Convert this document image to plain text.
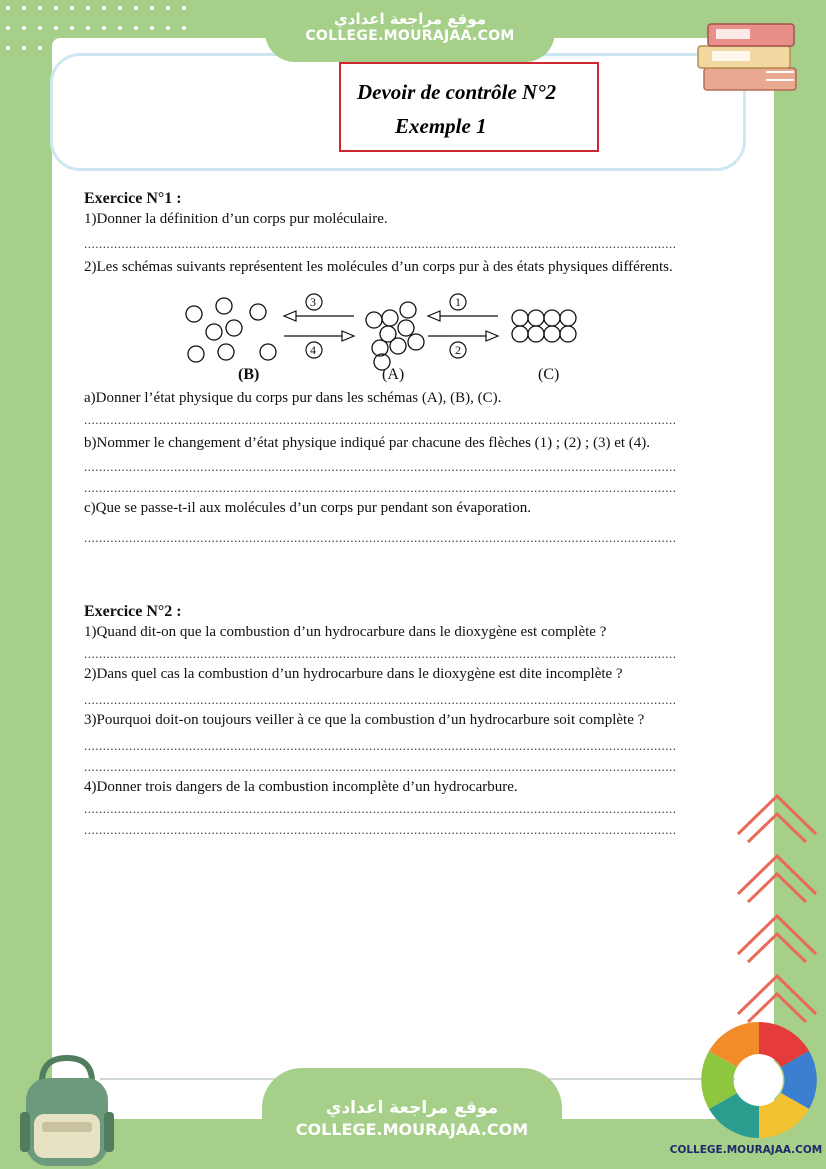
موقع مراجعة اعدادي
COLLEGE.MOURAJAA.COM
Devoir de contrôle N°2
Exemple 1

Exercice N°1 :

1)Donner la définition d’un corps pur moléculaire.

..............................................................................................................................................................

2)Les schémas suivants représentent les molécules d’un corps pur à des états physiques différents.

3
4
1
2
(B)	(A)	(C)

a)Donner l’état physique du corps pur dans les schémas (A), (B), (C).

..............................................................................................................................................................

b)Nommer le changement d’état physique indiqué par chacune des flèches (1) ; (2) ; (3) et (4).

..............................................................................................................................................................
..............................................................................................................................................................

c)Que se passe-t-il aux molécules d’un corps pur pendant son évaporation.

..............................................................................................................................................................

Exercice N°2 :

1)Quand dit-on que la combustion d’un hydrocarbure dans le dioxygène est complète ?

..............................................................................................................................................................

2)Dans quel cas la combustion d’un hydrocarbure dans le dioxygène est dite incomplète ?

..............................................................................................................................................................

3)Pourquoi doit-on toujours veiller à ce que la combustion d’un hydrocarbure soit complète ?

..............................................................................................................................................................
..............................................................................................................................................................

4)Donner trois dangers de la combustion incomplète d’un hydrocarbure.

..............................................................................................................................................................
..............................................................................................................................................................
COLLEGE.MOURAJAA.COM
موقع مراجعة اعدادي
COLLEGE.MOURAJAA.COM
